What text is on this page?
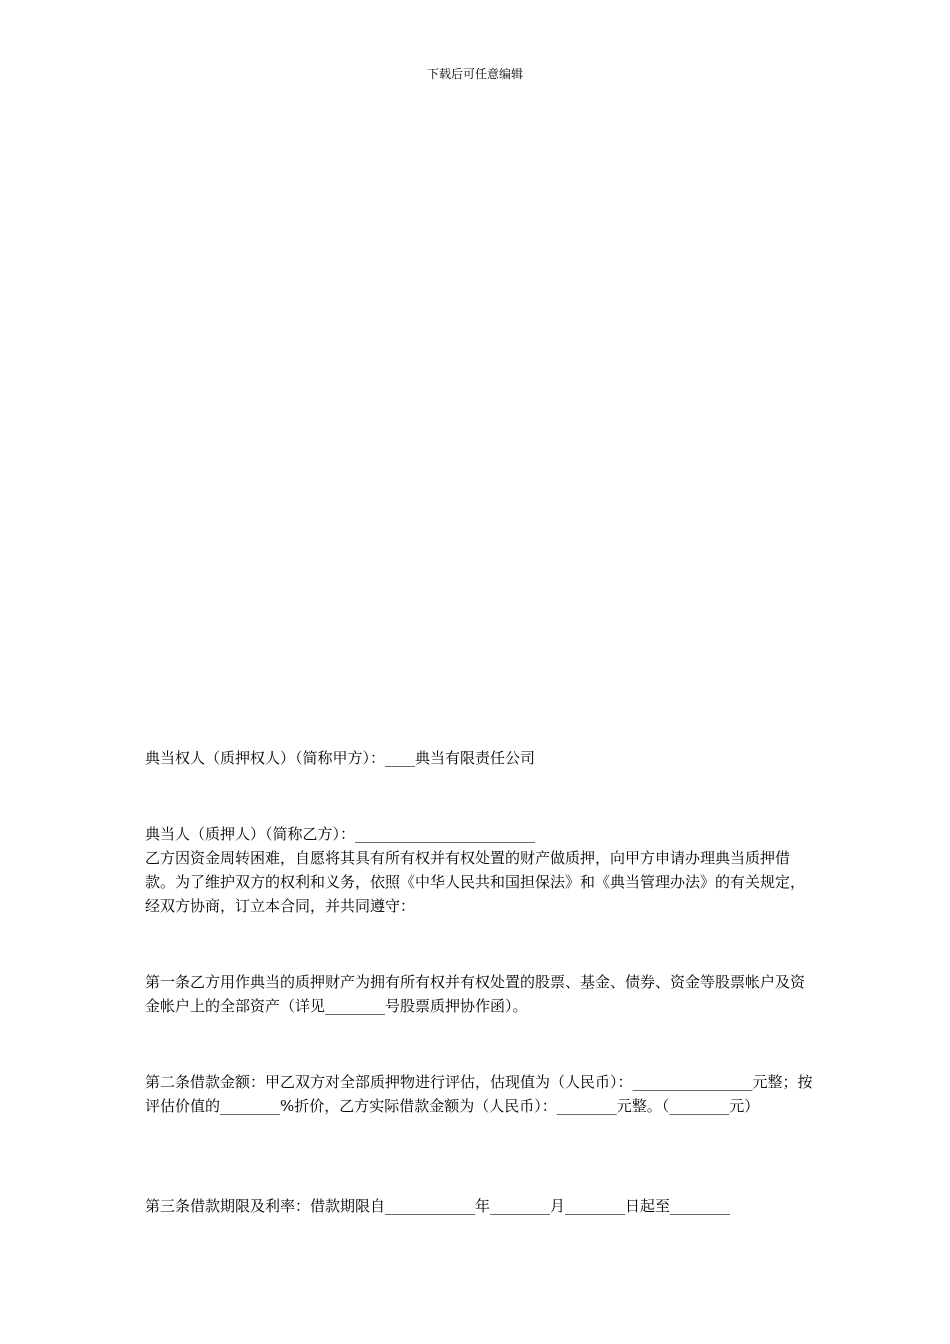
下载后可任意编辑

典当权人（质押权人）（简称甲方）：____典当有限责任公司

典当人（质押人）（简称乙方）：________________________

乙方因资金周转困难，自愿将其具有所有权并有权处置的财产做质押，向甲方申请办理典当质押借款。为了维护双方的权利和义务，依照《中华人民共和国担保法》和《典当管理办法》的有关规定，经双方协商，订立本合同，并共同遵守：

第一条乙方用作典当的质押财产为拥有所有权并有权处置的股票、基金、债券、资金等股票帐户及资金帐户上的全部资产（详见________号股票质押协作函）。

第二条借款金额：甲乙双方对全部质押物进行评估，估现值为（人民币）：________________元整；按评估价值的________%折价，乙方实际借款金额为（人民币）：________元整。（________元）

第三条借款期限及利率：借款期限自____________年________月________日起至________
